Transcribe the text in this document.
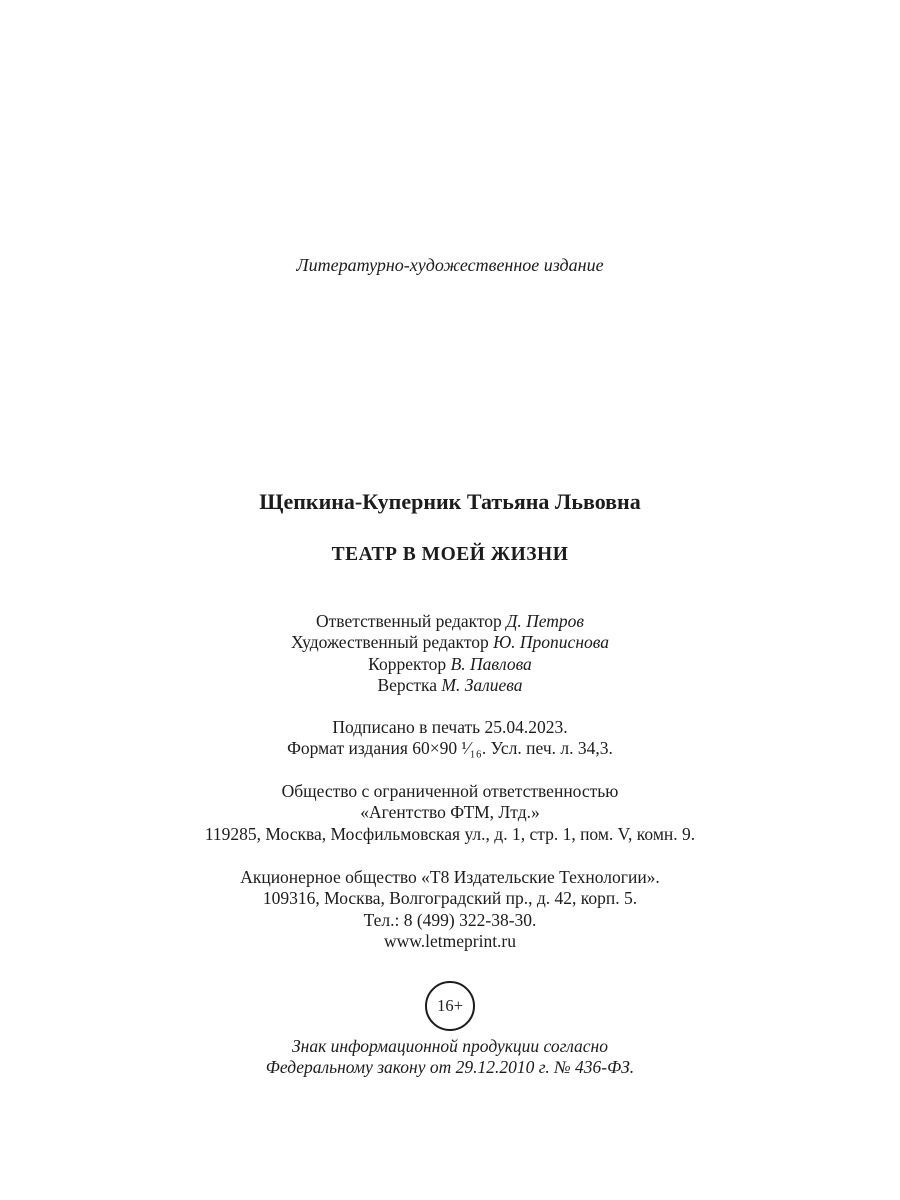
Литературно-художественное издание
Щепкина-Куперник Татьяна Львовна
ТЕАТР В МОЕЙ ЖИЗНИ
Ответственный редактор Д. Петров
Художественный редактор Ю. Прописнова
Корректор В. Павлова
Верстка М. Залиева
Подписано в печать 25.04.2023.
Формат издания 60×90 ¹⁄₁₆. Усл. печ. л. 34,3.
Общество с ограниченной ответственностью
«Агентство ФТМ, Лтд.»
119285, Москва, Мосфильмовская ул., д. 1, стр. 1, пом. V, комн. 9.
Акционерное общество «Т8 Издательские Технологии».
109316, Москва, Волгоградский пр., д. 42, корп. 5.
Тел.: 8 (499) 322-38-30.
www.letmeprint.ru
16+
Знак информационной продукции согласно
Федеральному закону от 29.12.2010 г. № 436-ФЗ.
